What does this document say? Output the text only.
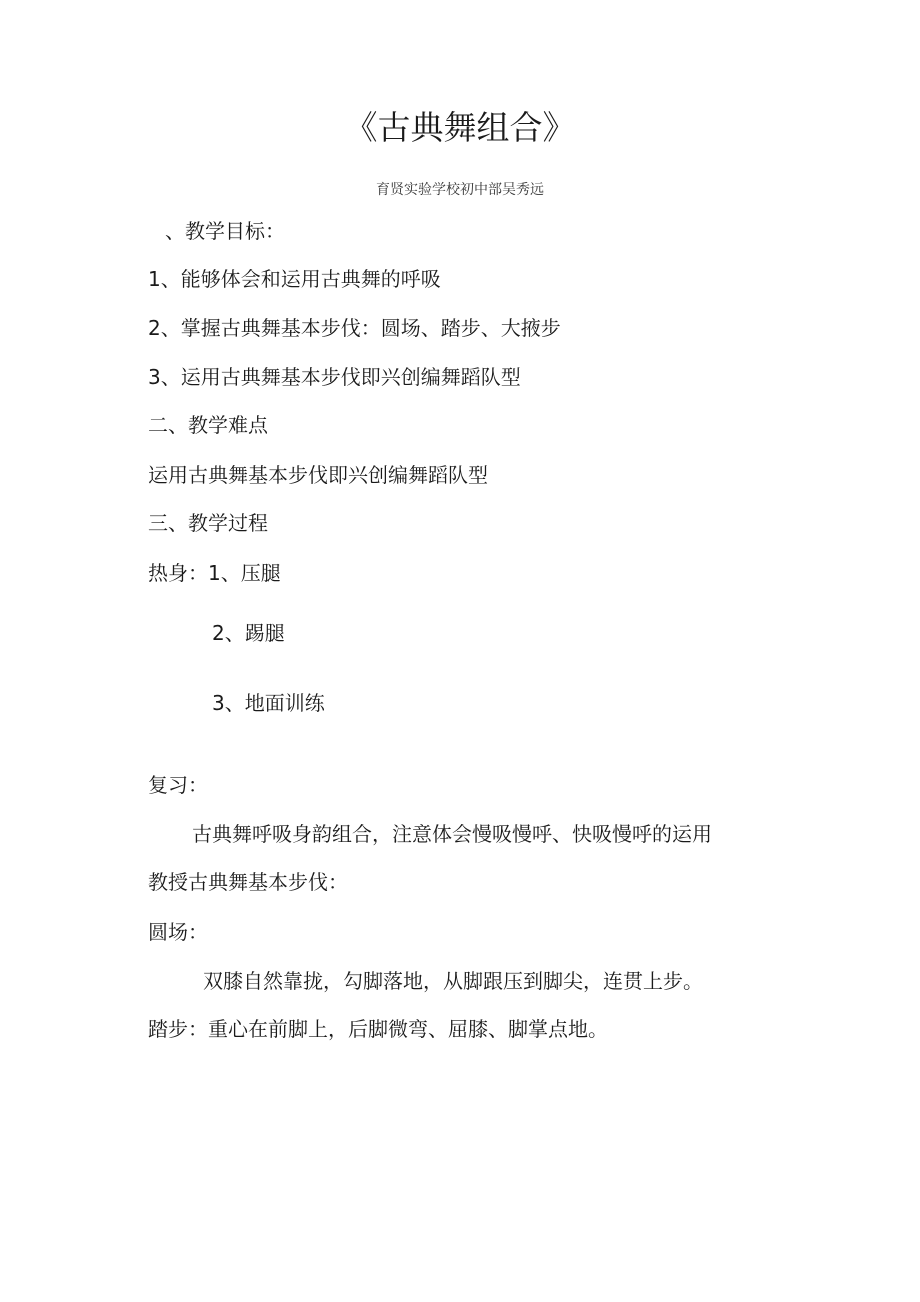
《古典舞组合》
育贤实验学校初中部吴秀远
、教学目标：
1、能够体会和运用古典舞的呼吸
2、掌握古典舞基本步伐：圆场、踏步、大掖步
3、运用古典舞基本步伐即兴创编舞蹈队型
二、教学难点
运用古典舞基本步伐即兴创编舞蹈队型
三、教学过程
热身：1、压腿
2、踢腿
3、地面训练
复习：
古典舞呼吸身韵组合，注意体会慢吸慢呼、快吸慢呼的运用
教授古典舞基本步伐：
圆场：
双膝自然靠拢，勾脚落地，从脚跟压到脚尖，连贯上步。
踏步：重心在前脚上，后脚微弯、屈膝、脚掌点地。
